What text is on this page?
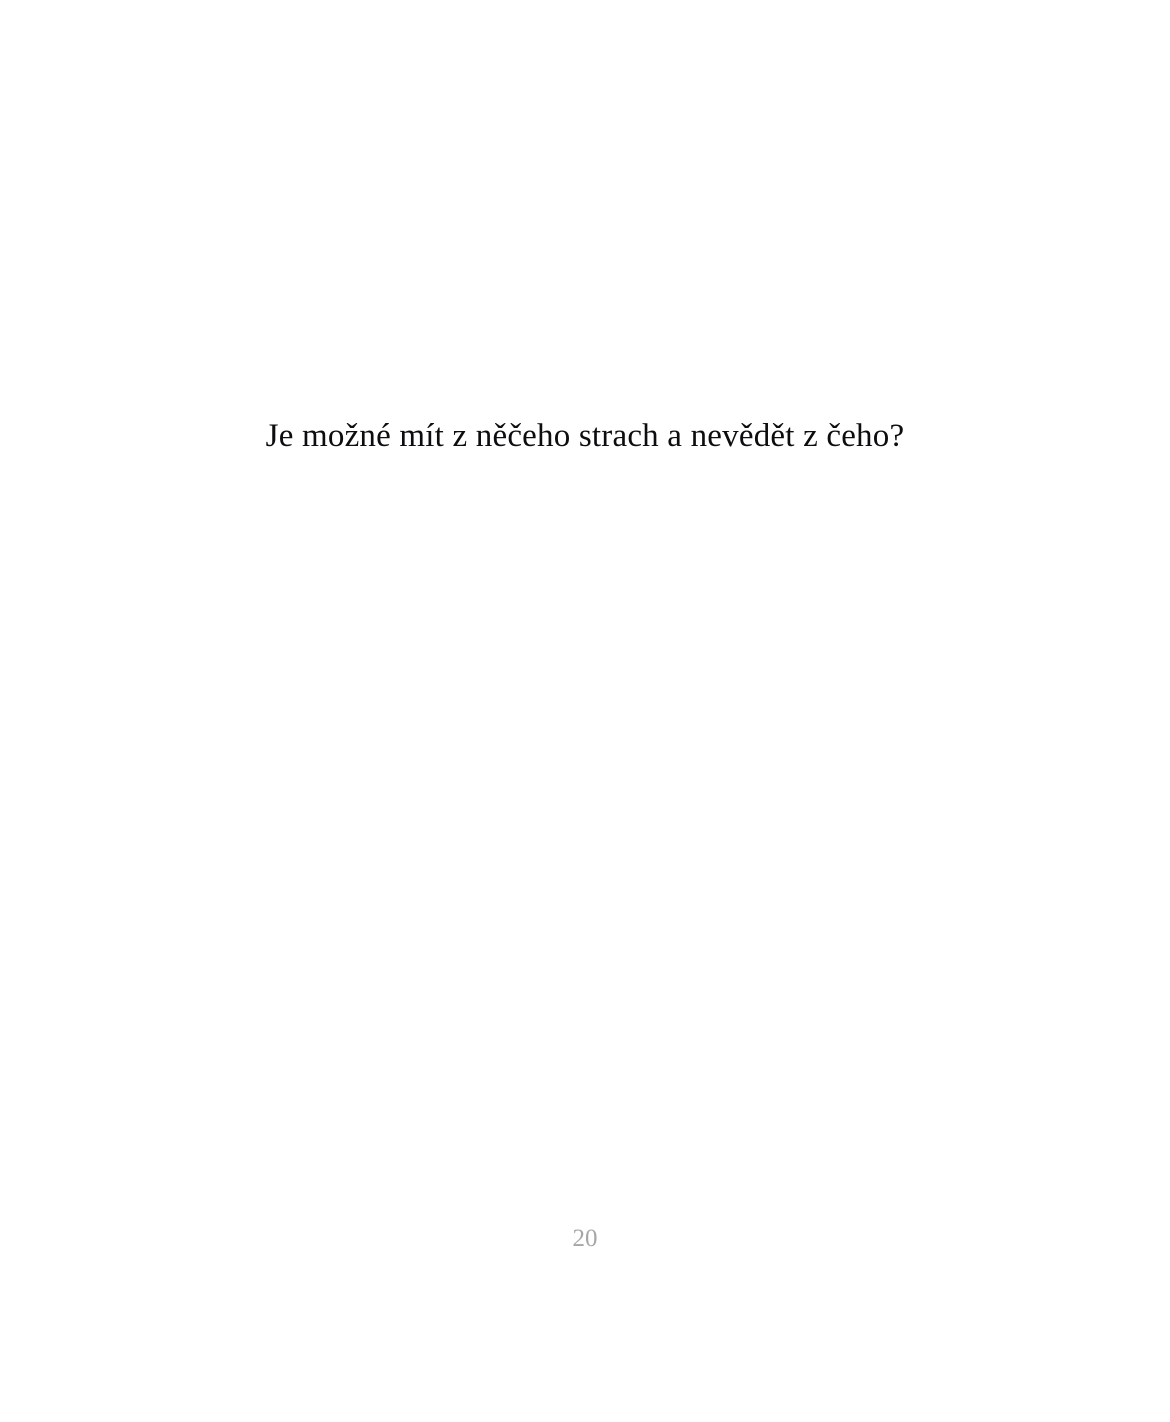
Je možné mít z něčeho strach a nevědět z čeho?

20
